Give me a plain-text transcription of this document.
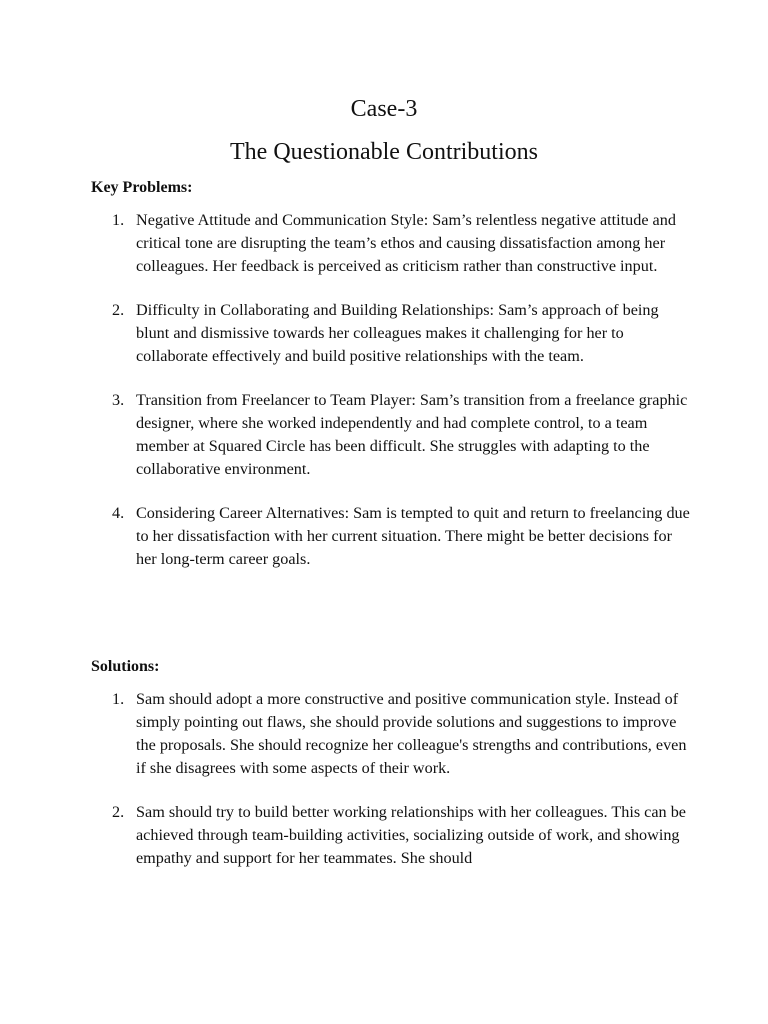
Case-3
The Questionable Contributions

Key Problems:

1. Negative Attitude and Communication Style: Sam’s relentless negative attitude and critical tone are disrupting the team’s ethos and causing dissatisfaction among her colleagues. Her feedback is perceived as criticism rather than constructive input.
2. Difficulty in Collaborating and Building Relationships: Sam’s approach of being blunt and dismissive towards her colleagues makes it challenging for her to collaborate effectively and build positive relationships with the team.
3. Transition from Freelancer to Team Player: Sam’s transition from a freelance graphic designer, where she worked independently and had complete control, to a team member at Squared Circle has been difficult. She struggles with adapting to the collaborative environment.
4. Considering Career Alternatives: Sam is tempted to quit and return to freelancing due to her dissatisfaction with her current situation. There might be better decisions for her long-term career goals.

Solutions:

1. Sam should adopt a more constructive and positive communication style. Instead of simply pointing out flaws, she should provide solutions and suggestions to improve the proposals. She should recognize her colleague's strengths and contributions, even if she disagrees with some aspects of their work.
2. Sam should try to build better working relationships with her colleagues. This can be achieved through team-building activities, socializing outside of work, and showing empathy and support for her teammates. She should
